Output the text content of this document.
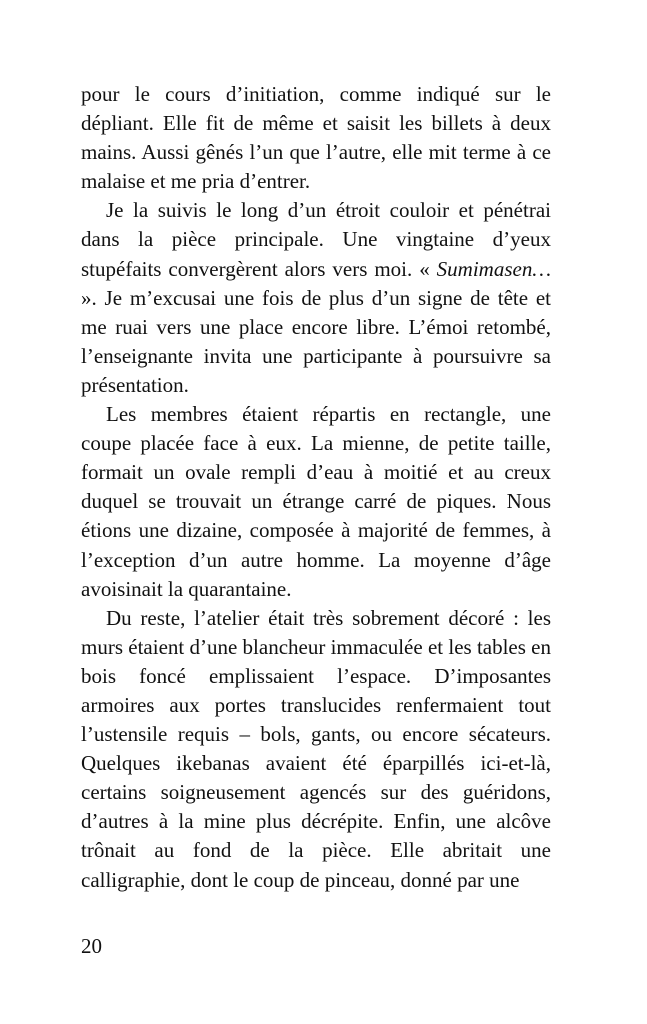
pour le cours d’initiation, comme indiqué sur le dépliant. Elle fit de même et saisit les billets à deux mains. Aussi gênés l’un que l’autre, elle mit terme à ce malaise et me pria d’entrer.

Je la suivis le long d’un étroit couloir et pénétrai dans la pièce principale. Une vingtaine d’yeux stupéfaits convergèrent alors vers moi. « Sumimasen… ». Je m’excusai une fois de plus d’un signe de tête et me ruai vers une place encore libre. L’émoi retombé, l’enseignante invita une participante à poursuivre sa présentation.

Les membres étaient répartis en rectangle, une coupe placée face à eux. La mienne, de petite taille, formait un ovale rempli d’eau à moitié et au creux duquel se trouvait un étrange carré de piques. Nous étions une dizaine, composée à majorité de femmes, à l’exception d’un autre homme. La moyenne d’âge avoisinait la quarantaine.

Du reste, l’atelier était très sobrement décoré : les murs étaient d’une blancheur immaculée et les tables en bois foncé emplissaient l’espace. D’imposantes armoires aux portes translucides renfermaient tout l’ustensile requis – bols, gants, ou encore sécateurs. Quelques ikebanas avaient été éparpillés ici-et-là, certains soigneusement agencés sur des guéridons, d’autres à la mine plus décrépite. Enfin, une alcôve trônait au fond de la pièce. Elle abritait une calligraphie, dont le coup de pinceau, donné par une

20
